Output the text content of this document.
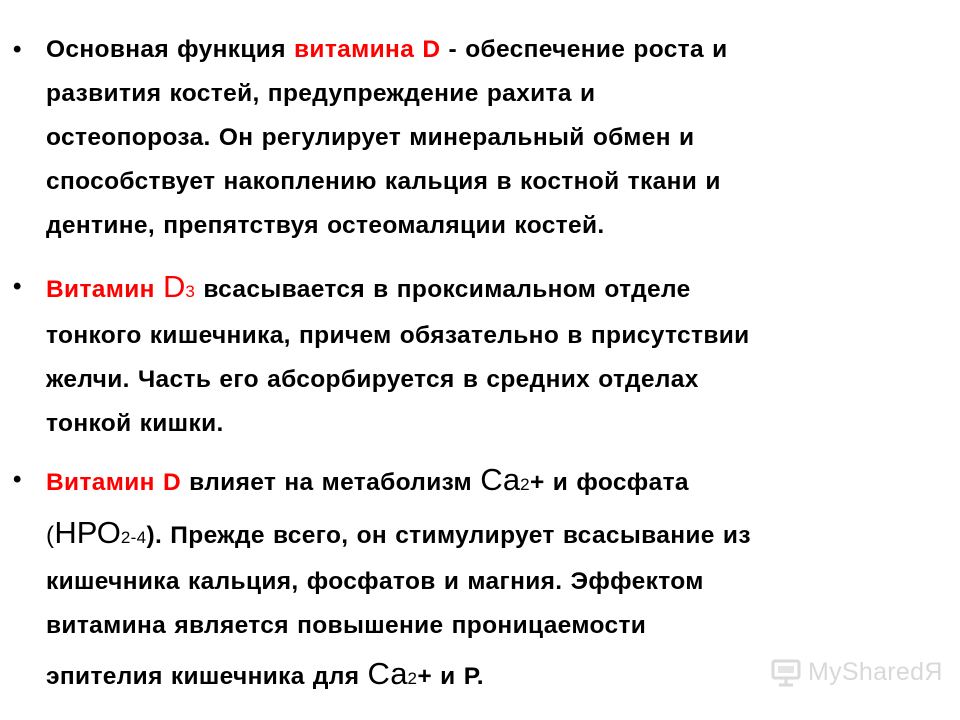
• Основная функция витамина D - обеспечение роста и
развития костей, предупреждение рахита и
остеопороза. Он регулирует минеральный обмен и
способствует накоплению кальция в костной ткани и
дентине, препятствуя остеомаляции костей.
• Витамин D3 всасывается в проксимальном отделе
тонкого кишечника, причем обязательно в присутствии
желчи. Часть его абсорбируется в средних отделах
тонкой кишки.
• Витамин D влияет на метаболизм Са2+ и фосфата
(НРО2-4). Прежде всего, он стимулирует всасывание из
кишечника кальция, фосфатов и магния. Эффектом
витамина является повышение проницаемости
эпителия кишечника для Са2+ и Р.	MySharedЯ
